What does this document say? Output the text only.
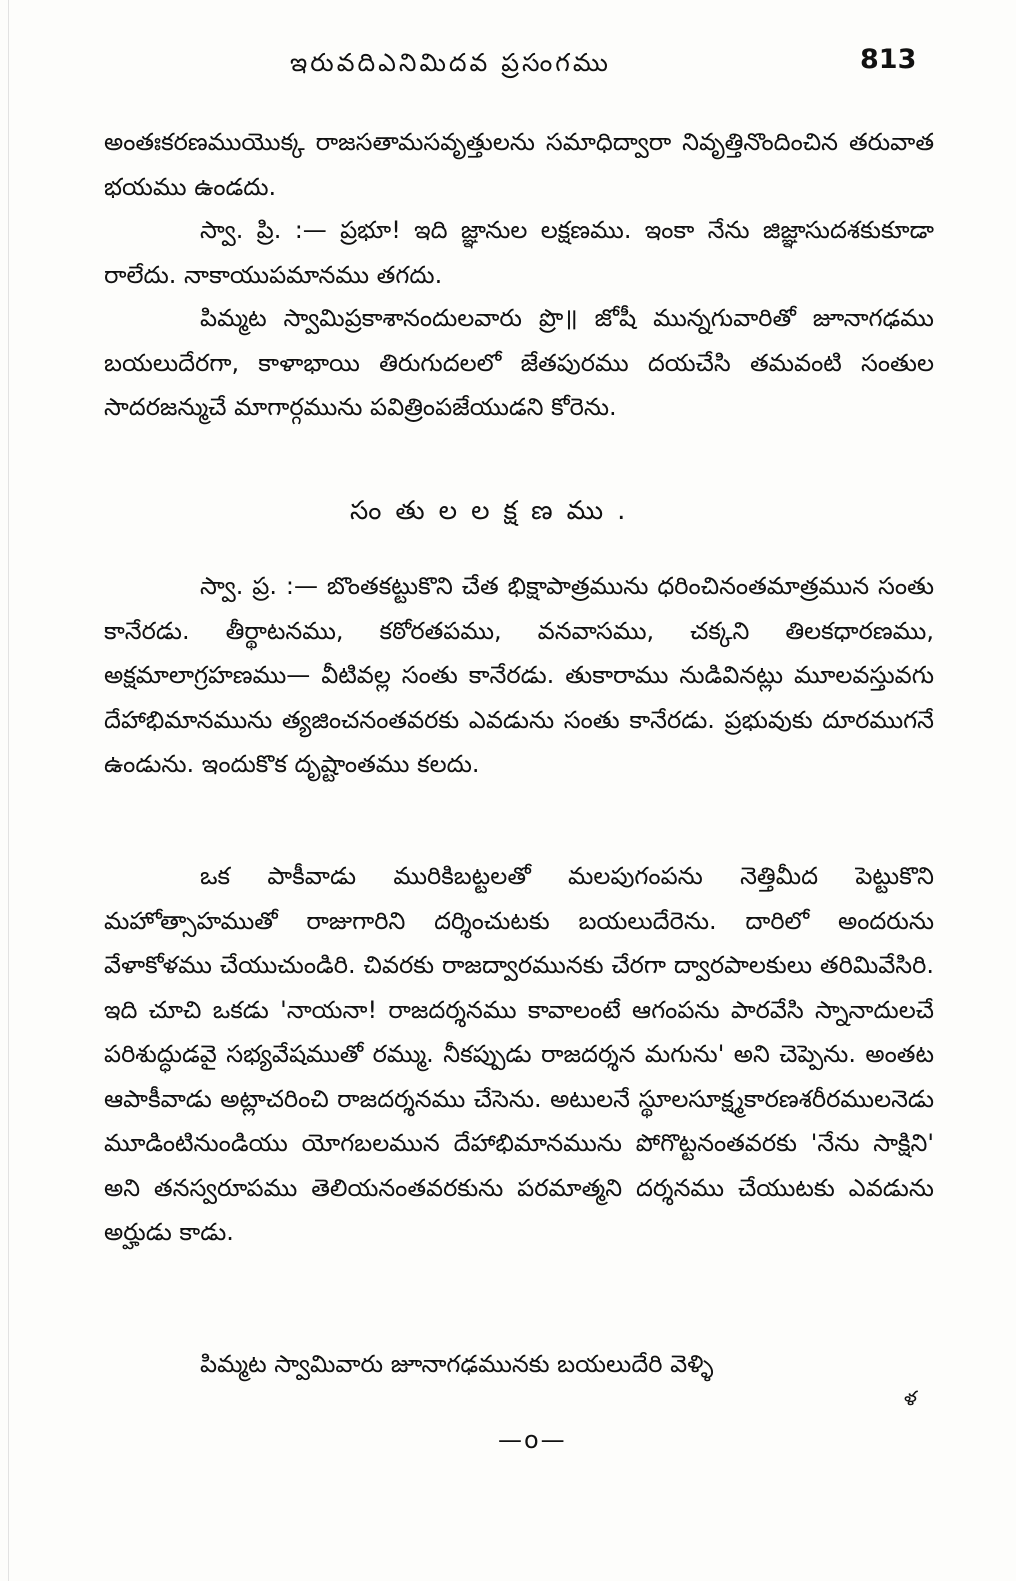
ఇరువదిఎనిమిదవ ప్రసంగము	813
అంతఃకరణముయొక్క రాజసతామసవృత్తులను సమాధిద్వారా నివృత్తినొందించిన తరువాత భయము ఉండదు.
స్వా. ప్రి. :— ప్రభూ! ఇది జ్ఞానుల లక్షణము. ఇంకా నేను జిజ్ఞాసుదశకుకూడా రాలేదు. నాకాయుపమానము తగదు.
పిమ్మట స్వామిప్రకాశానందులవారు ప్రొ॥ జోషీ మున్నగువారితో జూనాగఢము బయలుదేరగా, కాళాభాయి తిరుగుదలలో జేతపురము దయచేసి తమవంటి సంతుల సాదరజన్ముచే మాగార్గమును పవిత్రింపజేయుడని కోరెను.
సంతులలక్షణము.
స్వా. ప్ర. :— బొంతకట్టుకొని చేత భిక్షాపాత్రమును ధరించినంతమాత్రమున సంతు కానేరడు. తీర్థాటనము, కఠోరతపము, వనవాసము, చక్కని తిలకధారణము, అక్షమాలాగ్రహణము— వీటివల్ల సంతు కానేరడు. తుకారాము నుడివినట్లు మూలవస్తువగు దేహాభిమానమును త్యజించనంతవరకు ఎవడును సంతు కానేరడు. ప్రభువుకు దూరముగనే ఉండును. ఇందుకొక దృష్టాంతము కలదు.
ఒక పాకీవాడు మురికిబట్టలతో మలపుగంపను నెత్తిమీద పెట్టుకొని మహోత్సాహముతో రాజుగారిని దర్శించుటకు బయలుదేరెను. దారిలో అందరును వేళాకోళము చేయుచుండిరి. చివరకు రాజద్వారమునకు చేరగా ద్వారపాలకులు తరిమివేసిరి. ఇది చూచి ఒకడు 'నాయనా! రాజదర్శనము కావాలంటే ఆగంపను పారవేసి స్నానాదులచే పరిశుద్ధుడవై సభ్యవేషముతో రమ్ము. నీకప్పుడు రాజదర్శన మగును' అని చెప్పెను. అంతట ఆపాకీవాడు అట్లాచరించి రాజదర్శనము చేసెను. అటులనే స్థూలసూక్ష్మకారణశరీరములనెడు మూడింటినుండియు యోగబలమున దేహాభిమానమును పోగొట్టనంతవరకు 'నేను సాక్షిని' అని తనస్వరూపము తెలియనంతవరకును పరమాత్మని దర్శనము చేయుటకు ఎవడును అర్హుడు కాడు.
పిమ్మట స్వామివారు జూనాగఢమునకు బయలుదేరి వెళ్ళి
ళ
—o—
